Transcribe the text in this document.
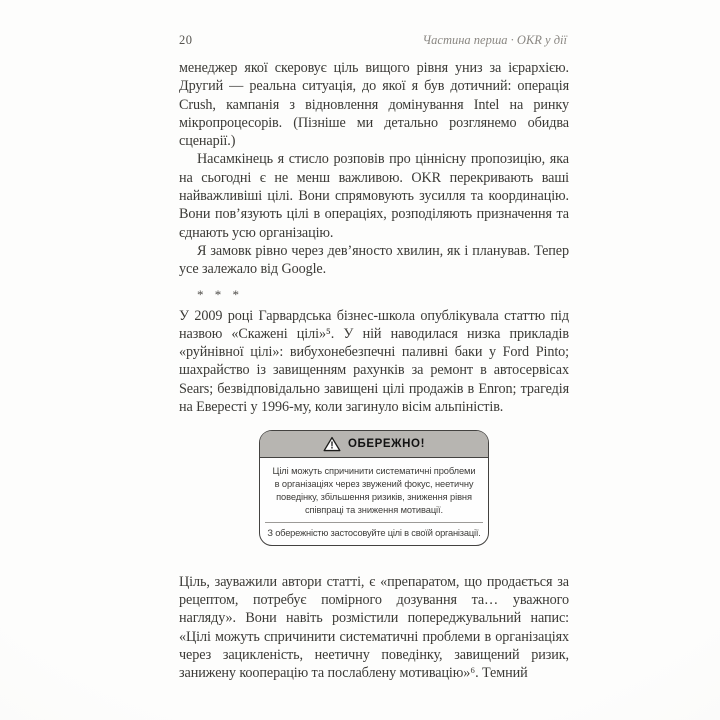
20	Частина перша · OKR у дії

менеджер якої скеровує ціль вищого рівня униз за ієрархією. Другий — реальна ситуація, до якої я був дотичний: операція Crush, кампанія з відновлення домінування Intel на ринку мікропроцесорів. (Пізніше ми детально розглянемо обидва сценарії.)

Насамкінець я стисло розповів про ціннісну пропозицію, яка на сьогодні є не менш важливою. OKR перекривають ваші найважливіші цілі. Вони спрямовують зусилля та координацію. Вони пов’язують цілі в операціях, розподіляють призначення та єднають усю організацію.

Я замовк рівно через дев’яносто хвилин, як і планував. Тепер усе залежало від Google.

* * *

У 2009 році Гарвардська бізнес-школа опублікувала статтю під назвою «Скажені цілі»⁵. У ній наводилася низка прикладів «руйнівної цілі»: вибухонебезпечні паливні баки у Ford Pinto; шахрайство із завищенням рахунків за ремонт в автосервісах Sears; безвідповідально завищені цілі продажів в Enron; трагедія на Евересті у 1996-му, коли загинуло вісім альпіністів.

! ОБЕРЕЖНО!
Цілі можуть спричинити систематичні проблеми в організаціях через звужений фокус, неетичну поведінку, збільшення ризиків, зниження рівня співпраці та зниження мотивації.
З обережністю застосовуйте цілі в своїй організації.

Ціль, зауважили автори статті, є «препаратом, що продається за рецептом, потребує помірного дозування та… уважного нагляду». Вони навіть розмістили попереджувальний напис: «Цілі можуть спричинити систематичні проблеми в організаціях через зацикленість, неетичну поведінку, завищений ризик, занижену кооперацію та послаблену мотивацію»⁶. Темний
